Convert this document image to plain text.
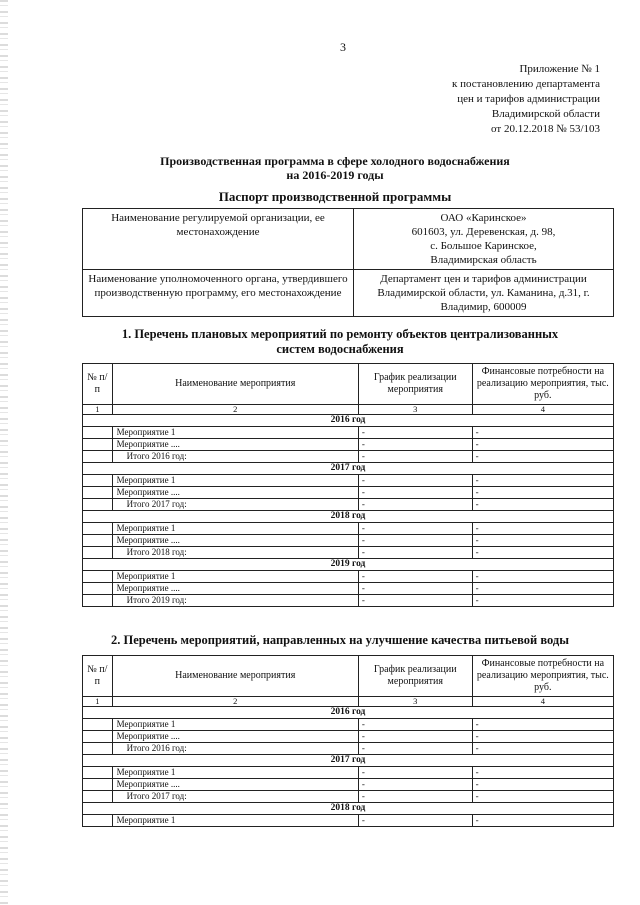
3
Приложение № 1
к постановлению департамента
цен и тарифов администрации
Владимирской области
от 20.12.2018 № 53/103
Производственная программа в сфере холодного водоснабжения
на 2016-2019 годы
Паспорт производственной программы
Наименование регулируемой организации, ее местонахождение	ОАО «Каринское»
601603, ул. Деревенская, д. 98,
с. Большое Каринское,
Владимирская область

Наименование уполномоченного органа, утвердившего производственную программу, его местонахождение	Департамент цен и тарифов администрации Владимирской области, ул. Каманина, д.31, г. Владимир, 600009
1. Перечень плановых мероприятий по ремонту объектов централизованных
систем водоснабжения
№ п/п	Наименование мероприятия	График реализации мероприятия	Финансовые потребности на реализацию мероприятия, тыс. руб.
1	2	3	4
2016 год			
	Мероприятие 1	-	-
	Мероприятие ....	-	-
	Итого 2016 год:	-	-
2017 год			
	Мероприятие 1	-	-
	Мероприятие ....	-	-
	Итого 2017 год:	-	-
2018 год			
	Мероприятие 1	-	-
	Мероприятие ....	-	-
	Итого 2018 год:	-	-
2019 год			
	Мероприятие 1	-	-
	Мероприятие ....	-	-
	Итого 2019 год:	-	-
2. Перечень мероприятий, направленных на улучшение качества питьевой воды
№ п/п	Наименование мероприятия	График реализации мероприятия	Финансовые потребности на реализацию мероприятия, тыс. руб.
1	2	3	4
2016 год			
	Мероприятие 1	-	-
	Мероприятие ....	-	-
	Итого 2016 год:	-	-
2017 год			
	Мероприятие 1	-	-
	Мероприятие ....	-	-
	Итого 2017 год:	-	-
2018 год			
	Мероприятие 1	-	-
